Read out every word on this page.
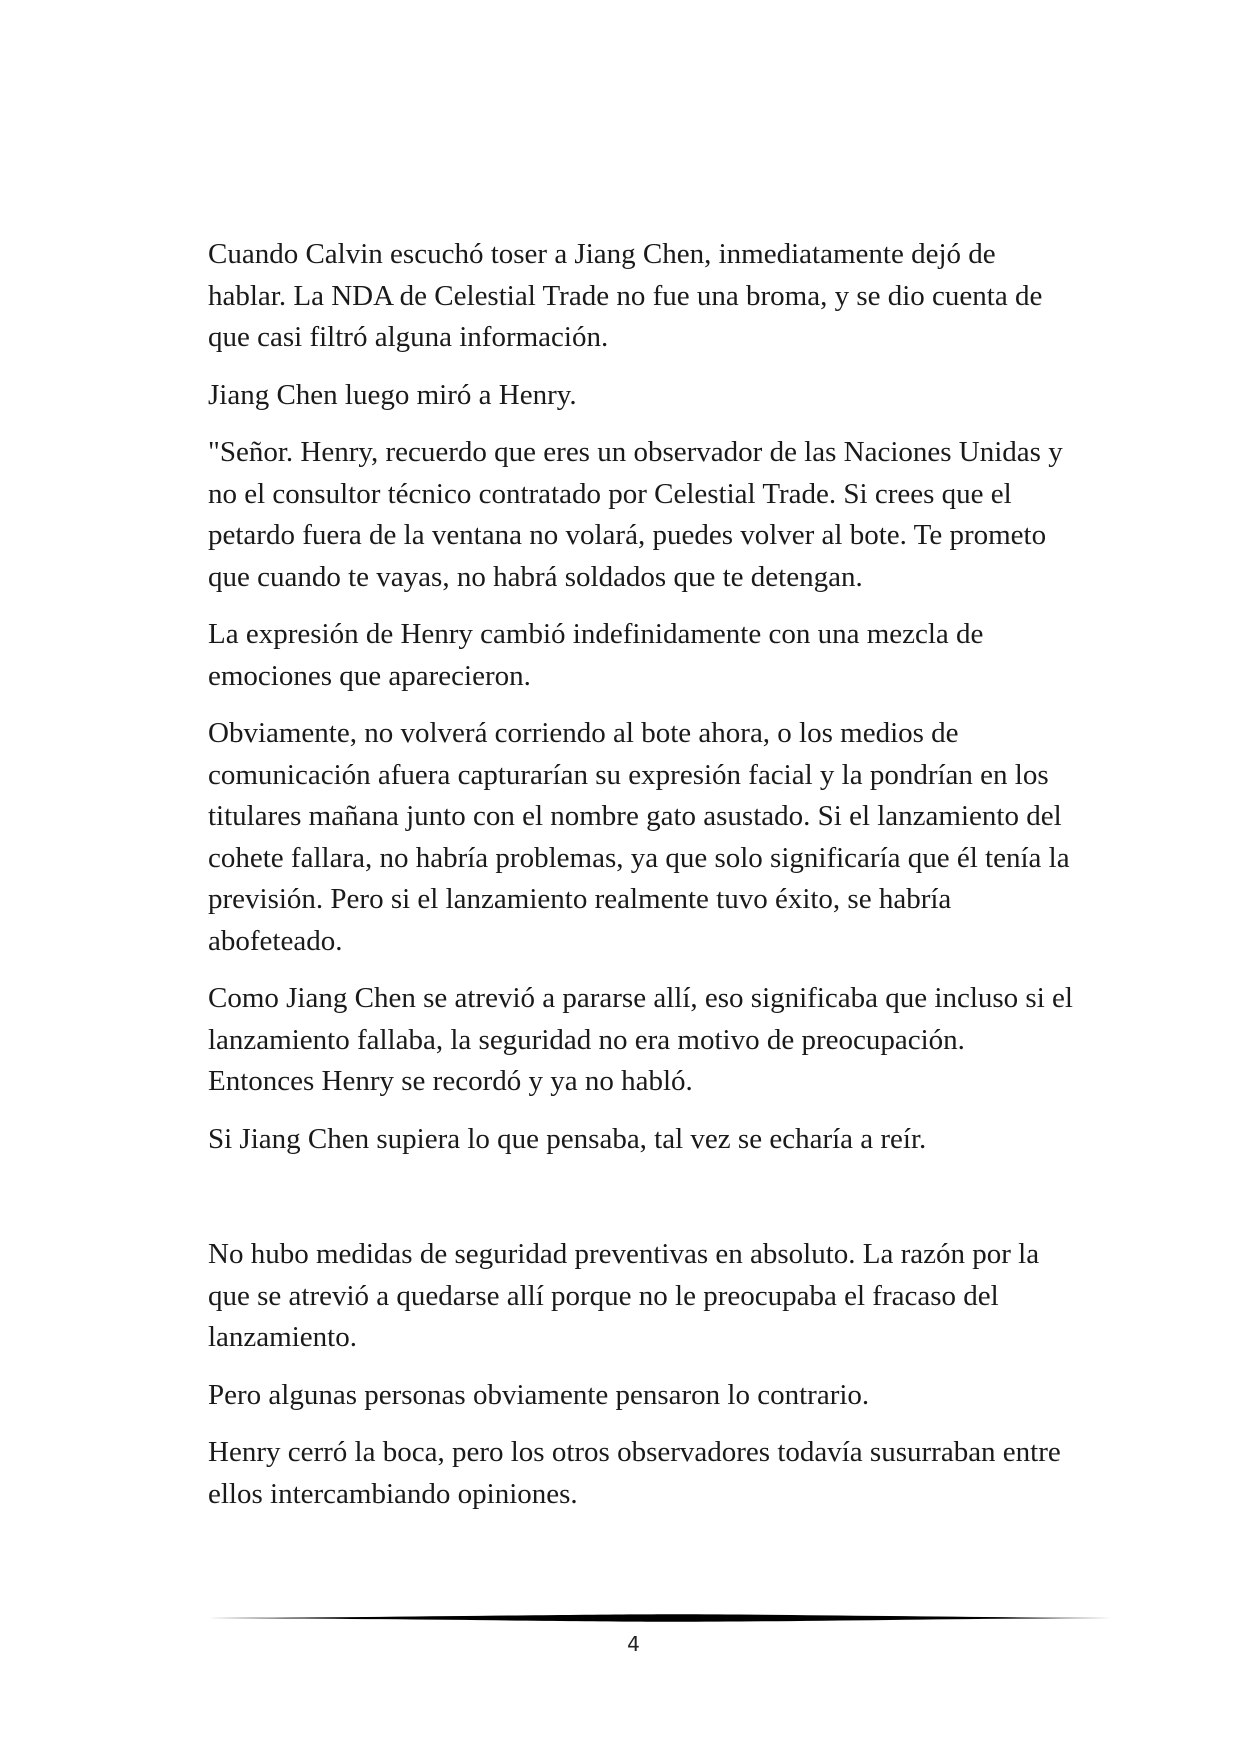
Cuando Calvin escuchó toser a Jiang Chen, inmediatamente dejó de hablar. La NDA de Celestial Trade no fue una broma, y se dio cuenta de que casi filtró alguna información.

Jiang Chen luego miró a Henry.

"Señor. Henry, recuerdo que eres un observador de las Naciones Unidas y no el consultor técnico contratado por Celestial Trade. Si crees que el petardo fuera de la ventana no volará, puedes volver al bote. Te prometo que cuando te vayas, no habrá soldados que te detengan.

La expresión de Henry cambió indefinidamente con una mezcla de emociones que aparecieron.

Obviamente, no volverá corriendo al bote ahora, o los medios de comunicación afuera capturarían su expresión facial y la pondrían en los titulares mañana junto con el nombre gato asustado. Si el lanzamiento del cohete fallara, no habría problemas, ya que solo significaría que él tenía la previsión. Pero si el lanzamiento realmente tuvo éxito, se habría abofeteado.

Como Jiang Chen se atrevió a pararse allí, eso significaba que incluso si el lanzamiento fallaba, la seguridad no era motivo de preocupación. Entonces Henry se recordó y ya no habló.

Si Jiang Chen supiera lo que pensaba, tal vez se echaría a reír.

No hubo medidas de seguridad preventivas en absoluto. La razón por la que se atrevió a quedarse allí porque no le preocupaba el fracaso del lanzamiento.

Pero algunas personas obviamente pensaron lo contrario.

Henry cerró la boca, pero los otros observadores todavía susurraban entre ellos intercambiando opiniones.

4
